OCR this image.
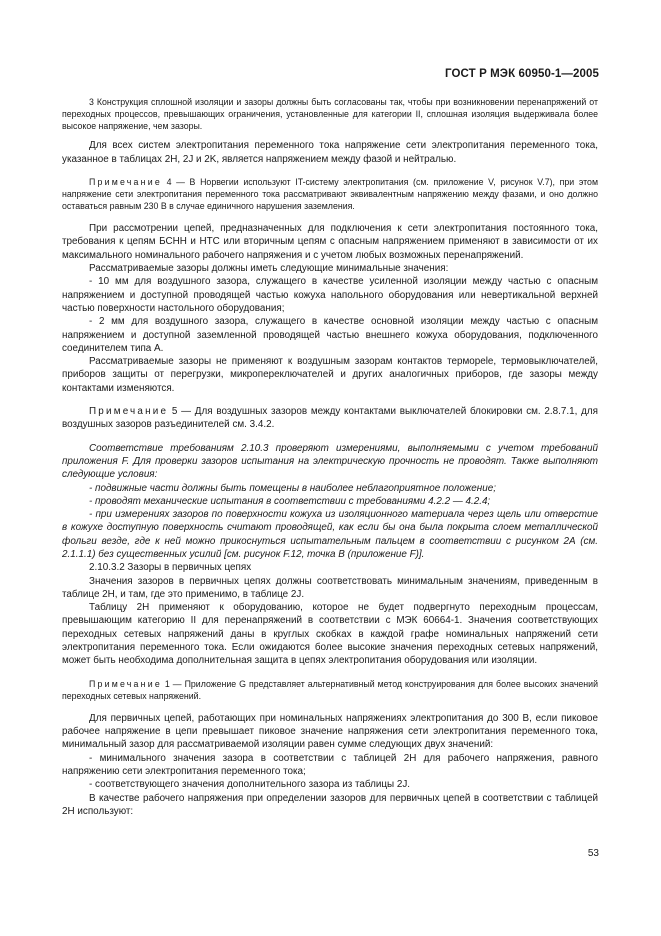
ГОСТ Р МЭК 60950-1—2005

3 Конструкция сплошной изоляции и зазоры должны быть согласованы так, чтобы при возникновении перенапряжений от переходных процессов, превышающих ограничения, установленные для категории II, сплошная изоляция выдерживала более высокое напряжение, чем зазоры.

Для всех систем электропитания переменного тока напряжение сети электропитания переменного тока, указанное в таблицах 2Н, 2J и 2K, является напряжением между фазой и нейтралью.

Примечание 4 — В Норвегии используют IT-систему электропитания (см. приложение V, рисунок V.7), при этом напряжение сети электропитания переменного тока рассматривают эквивалентным напряжению между фазами, и оно должно оставаться равным 230 В в случае единичного нарушения заземления.

При рассмотрении цепей, предназначенных для подключения к сети электропитания постоянного тока, требования к цепям БСНН и НТС или вторичным цепям с опасным напряжением применяют в зависимости от их максимального номинального рабочего напряжения и с учетом любых возможных перенапряжений.

Рассматриваемые зазоры должны иметь следующие минимальные значения:

- 10 мм для воздушного зазора, служащего в качестве усиленной изоляции между частью с опасным напряжением и доступной проводящей частью кожуха напольного оборудования или невертикальной верхней частью поверхности настольного оборудования;

- 2 мм для воздушного зазора, служащего в качестве основной изоляции между частью с опасным напряжением и доступной заземленной проводящей частью внешнего кожуха оборудования, подключенного соединителем типа А.

Рассматриваемые зазоры не применяют к воздушным зазорам контактов терморele, термовыключателей, приборов защиты от перегрузки, микропереключателей и других аналогичных приборов, где зазоры между контактами изменяются.

Примечание 5 — Для воздушных зазоров между контактами выключателей блокировки см. 2.8.7.1, для воздушных зазоров разъединителей см. 3.4.2.

Соответствие требованиям 2.10.3 проверяют измерениями, выполняемыми с учетом требований приложения F. Для проверки зазоров испытания на электрическую прочность не проводят. Также выполняют следующие условия:

- подвижные части должны быть помещены в наиболее неблагоприятное положение;

- проводят механические испытания в соответствии с требованиями 4.2.2 — 4.2.4;

- при измерениях зазоров по поверхности кожуха из изоляционного материала через щель или отверстие в кожухе доступную поверхность считают проводящей, как если бы она была покрыта слоем металлической фольги везде, где к ней можно прикоснуться испытательным пальцем в соответствии с рисунком 2А (см. 2.1.1.1) без существенных усилий [см. рисунок F.12, точка В (приложение F)].

2.10.3.2 Зазоры в первичных цепях

Значения зазоров в первичных цепях должны соответствовать минимальным значениям, приведенным в таблице 2Н, и там, где это применимо, в таблице 2J.

Таблицу 2Н применяют к оборудованию, которое не будет подвергнуто переходным процессам, превышающим категорию II для перенапряжений в соответствии с МЭК 60664-1. Значения соответствующих переходных сетевых напряжений даны в круглых скобках в каждой графе номинальных напряжений сети электропитания переменного тока. Если ожидаются более высокие значения переходных сетевых напряжений, может быть необходима дополнительная защита в цепях электропитания оборудования или изоляции.

Примечание 1 — Приложение G представляет альтернативный метод конструирования для более высоких значений переходных сетевых напряжений.

Для первичных цепей, работающих при номинальных напряжениях электропитания до 300 В, если пиковое рабочее напряжение в цепи превышает пиковое значение напряжения сети электропитания переменного тока, минимальный зазор для рассматриваемой изоляции равен сумме следующих двух значений:

- минимального значения зазора в соответствии с таблицей 2Н для рабочего напряжения, равного напряжению сети электропитания переменного тока;

- соответствующего значения дополнительного зазора из таблицы 2J.

В качестве рабочего напряжения при определении зазоров для первичных цепей в соответствии с таблицей 2Н используют:

53
